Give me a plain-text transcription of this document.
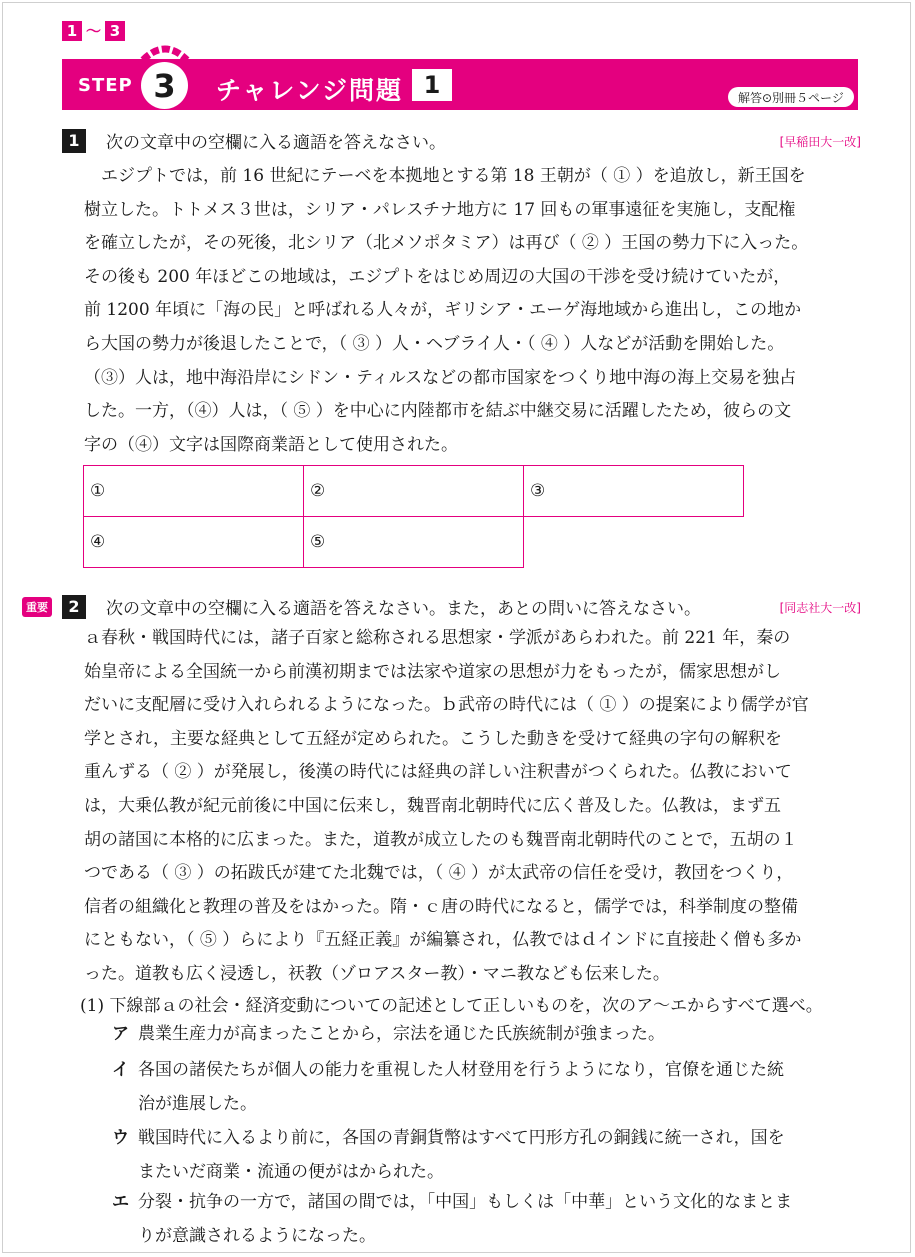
1 ～ 3
STEP 3	チャレンジ問題 1	解答⊙別冊５ページ
1	次の文章中の空欄に入る適語を答えなさい。	[早稲田大一改]
　エジプトでは，前 16 世紀にテーベを本拠地とする第 18 王朝が（ ① ）を追放し，新王国を
樹立した。トトメス３世は，シリア・パレスチナ地方に 17 回もの軍事遠征を実施し，支配権
を確立したが，その死後，北シリア（北メソポタミア）は再び（ ② ）王国の勢力下に入った。
その後も 200 年ほどこの地域は，エジプトをはじめ周辺の大国の干渉を受け続けていたが，
前 1200 年頃に「海の民」と呼ばれる人々が，ギリシア・エーゲ海地域から進出し，この地か
ら大国の勢力が後退したことで，（ ③ ）人・ヘブライ人・（ ④ ）人などが活動を開始した。
（③）人は，地中海沿岸にシドン・ティルスなどの都市国家をつくり地中海の海上交易を独占
した。一方，（④）人は，（ ⑤ ）を中心に内陸都市を結ぶ中継交易に活躍したため，彼らの文
字の（④）文字は国際商業語として使用された。
①	②	③
④	⑤	
重要	2	次の文章中の空欄に入る適語を答えなさい。また，あとの問いに答えなさい。	[同志社大一改]
ａ春秋・戦国時代には，諸子百家と総称される思想家・学派があらわれた。前 221 年，秦の
始皇帝による全国統一から前漢初期までは法家や道家の思想が力をもったが，儒家思想がし
だいに支配層に受け入れられるようになった。ｂ武帝の時代には（ ① ）の提案により儒学が官
学とされ，主要な経典として五経が定められた。こうした動きを受けて経典の字句の解釈を
重んずる（ ② ）が発展し，後漢の時代には経典の詳しい注釈書がつくられた。仏教において
は，大乗仏教が紀元前後に中国に伝来し，魏晋南北朝時代に広く普及した。仏教は，まず五
胡の諸国に本格的に広まった。また，道教が成立したのも魏晋南北朝時代のことで，五胡の１
つである（ ③ ）の拓跋氏が建てた北魏では，（ ④ ）が太武帝の信任を受け，教団をつくり，
信者の組織化と教理の普及をはかった。隋・ｃ唐の時代になると，儒学では，科挙制度の整備
にともない，（ ⑤ ）らにより『五経正義』が編纂され，仏教ではｄインドに直接赴く僧も多か
った。道教も広く浸透し，祆教（ゾロアスター教）・マニ教なども伝来した。
(1) 下線部ａの社会・経済変動についての記述として正しいものを，次のア～エからすべて選べ。
ア 農業生産力が高まったことから，宗法を通じた氏族統制が強まった。
イ 各国の諸侯たちが個人の能力を重視した人材登用を行うようになり，官僚を通じた統
治が進展した。
ウ 戦国時代に入るより前に，各国の青銅貨幣はすべて円形方孔の銅銭に統一され，国を
またいだ商業・流通の便がはかられた。
エ 分裂・抗争の一方で，諸国の間では，「中国」もしくは「中華」という文化的なまとま
りが意識されるようになった。
